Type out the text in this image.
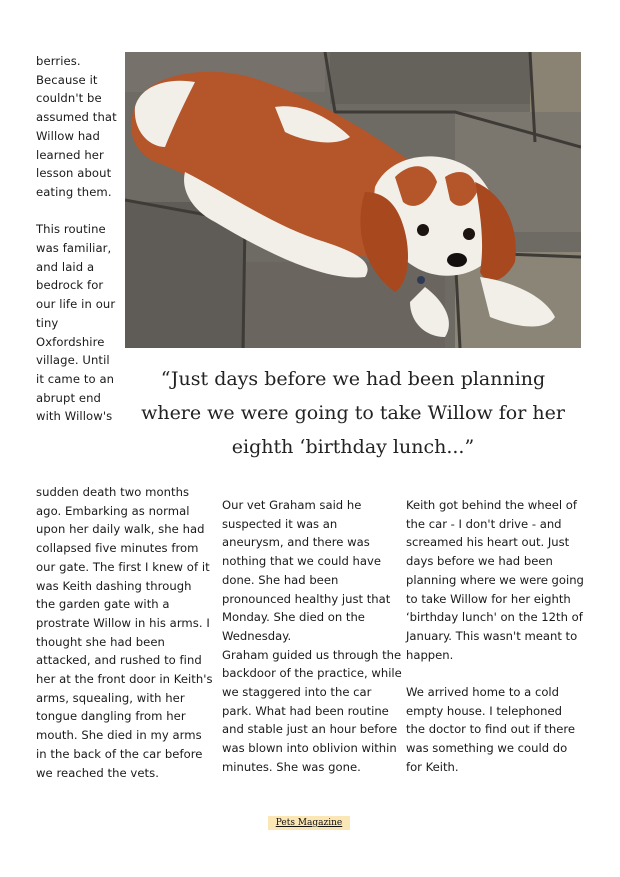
berries. Because it couldn't be assumed that Willow had learned her lesson about eating them.

This routine was familiar, and laid a bedrock for our life in our tiny Oxfordshire village. Until it came to an abrupt end with Willow's

sudden death two months ago. Embarking as normal upon her daily walk, she had collapsed five minutes from our gate. The first I knew of it was Keith dashing through the garden gate with a prostrate Willow in his arms. I thought she had been attacked, and rushed to find her at the front door in Keith's arms, squealing, with her tongue dangling from her mouth. She died in my arms in the back of the car before we reached the vets.

“Just days before we had been planning where we were going to take Willow for her eighth ‘birthday lunch...”

Our vet Graham said he suspected it was an aneurysm, and there was nothing that we could have done. She had been pronounced healthy just that Monday. She died on the Wednesday.

Graham guided us through the backdoor of the practice, while we staggered into the car park. What had been routine and stable just an hour before was blown into oblivion within minutes. She was gone.

Keith got behind the wheel of the car - I don't drive - and screamed his heart out. Just days before we had been planning where we were going to take Willow for her eighth ‘birthday lunch' on the 12th of January. This wasn't meant to happen.

We arrived home to a cold empty house. I telephoned the doctor to find out if there was something we could do for Keith.

Pets Magazine
